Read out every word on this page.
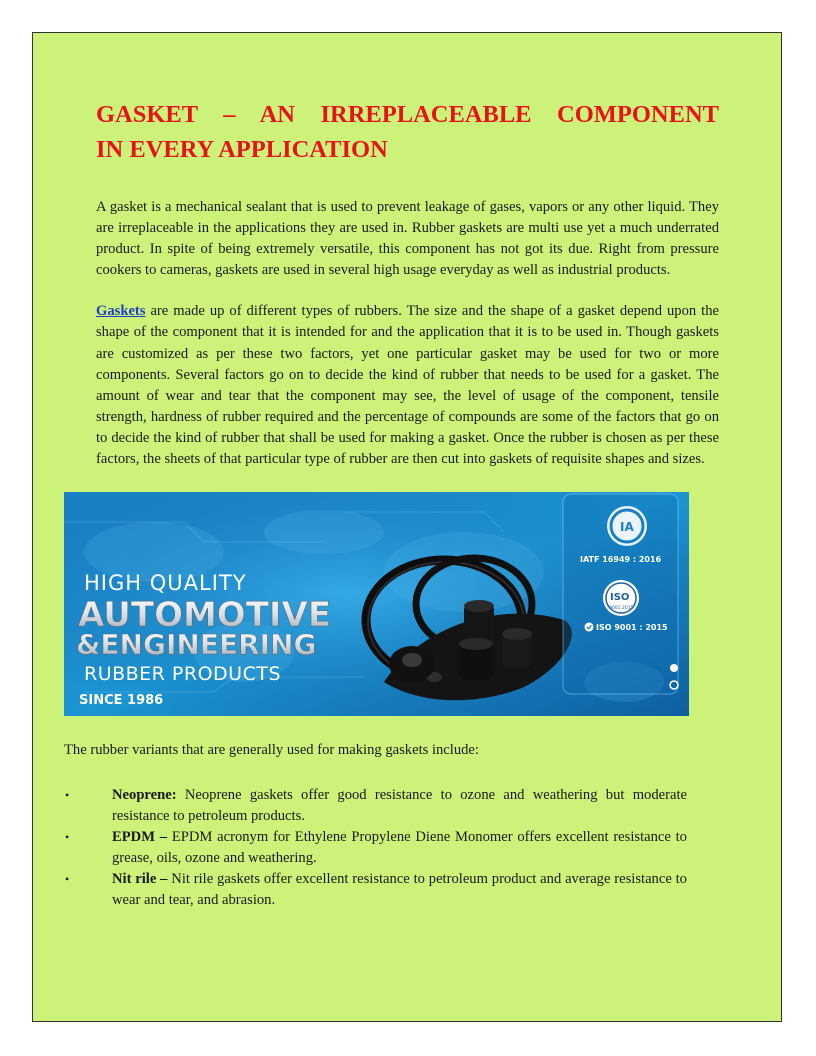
GASKET – AN IRREPLACEABLE COMPONENT
IN EVERY APPLICATION

A gasket is a mechanical sealant that is used to prevent leakage of gases, vapors or any other liquid. They are irreplaceable in the applications they are used in. Rubber gaskets are multi use yet a much underrated product. In spite of being extremely versatile, this component has not got its due. Right from pressure cookers to cameras, gaskets are used in several high usage everyday as well as industrial products.

Gaskets are made up of different types of rubbers. The size and the shape of a gasket depend upon the shape of the component that it is intended for and the application that it is to be used in. Though gaskets are customized as per these two factors, yet one particular gasket may be used for two or more components. Several factors go on to decide the kind of rubber that needs to be used for a gasket. The amount of wear and tear that the component may see, the level of usage of the component, tensile strength, hardness of rubber required and the percentage of compounds are some of the factors that go on to decide the kind of rubber that shall be used for making a gasket. Once the rubber is chosen as per these factors, the sheets of that particular type of rubber are then cut into gaskets of requisite shapes and sizes.

HIGH QUALITY
AUTOMOTIVE
&ENGINEERING
RUBBER PRODUCTS
SINCE 1986
IA
IATF 16949 : 2016
ISO
9001:2015
ISO 9001 : 2015

The rubber variants that are generally used for making gaskets include:

•	Neoprene: Neoprene gaskets offer good resistance to ozone and weathering but moderate resistance to petroleum products.
•	EPDM – EPDM acronym for Ethylene Propylene Diene Monomer offers excellent resistance to grease, oils, ozone and weathering.
•	Nit rile – Nit rile gaskets offer excellent resistance to petroleum product and average resistance to wear and tear, and abrasion.
